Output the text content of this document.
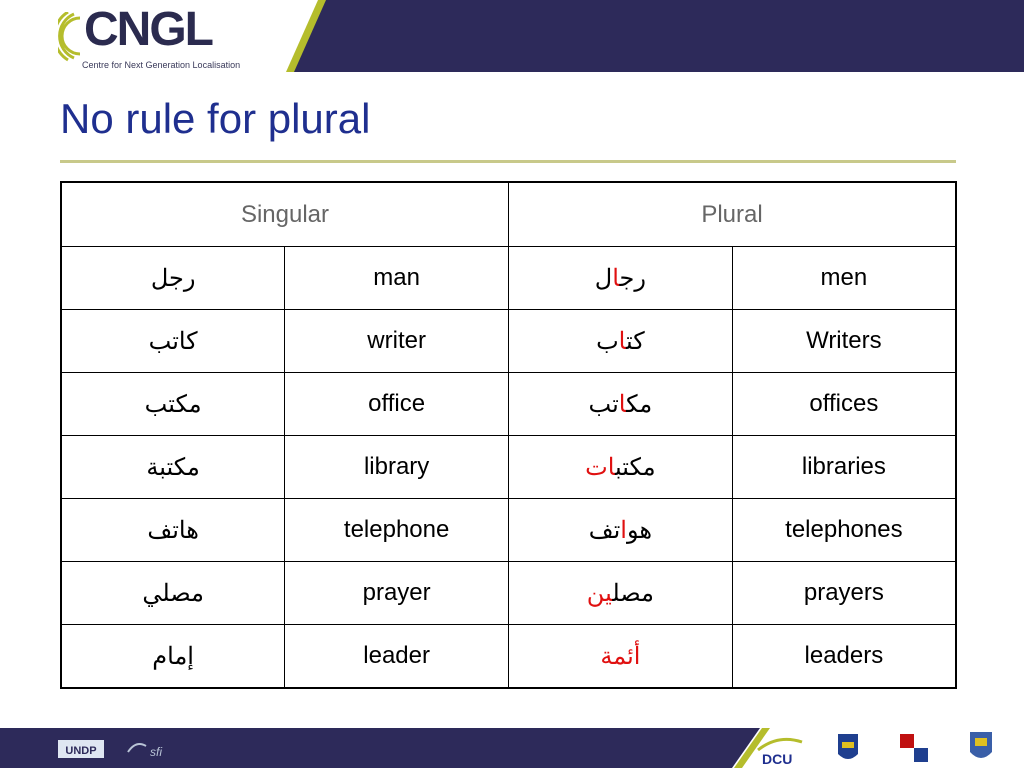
CNGL
Centre for Next Generation Localisation
No rule for plural
Singular		Plural	
رجل	man	رجال	men
كاتب	writer	كتاب	Writers
مكتب	office	مكاتب	offices
مكتبة	library	مكتبات	libraries
هاتف	telephone	هواتف	telephones
مصلي	prayer	مصلين	prayers
إمام	leader	أئمة	leaders
UNDP	sfi	DCU
